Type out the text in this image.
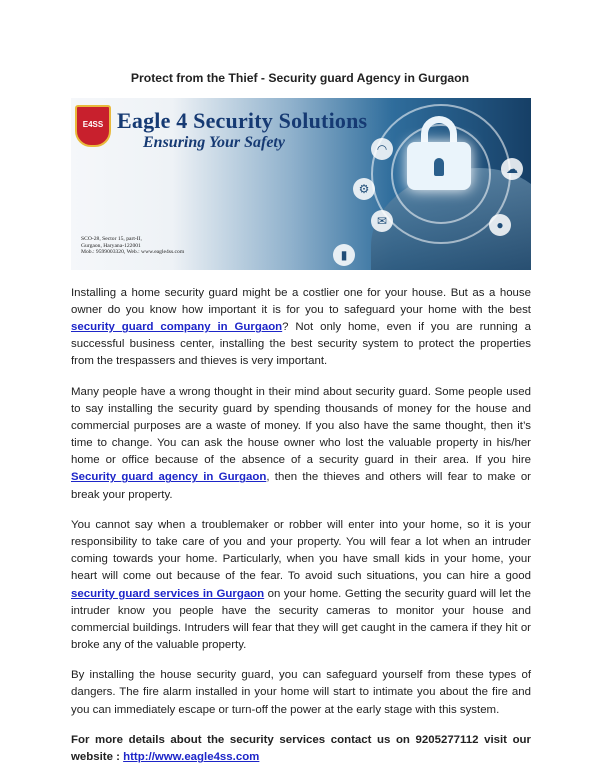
Protect from the Thief - Security guard Agency in Gurgaon
✉
⚙
◠
●
☁
▮
E4SS Eagle 4 Security Solutions
Ensuring Your Safety
SCO-28, Sector 15, part-II,
Gurgaon, Haryana-122001
Mob.: 9599003320, Web.: www.eagle4ss.com

Installing a home security guard might be a costlier one for your house. But as a house owner do you know how important it is for you to safeguard your home with the best security guard company in Gurgaon? Not only home, even if you are running a successful business center, installing the best security system to protect the properties from the trespassers and thieves is very important.

Many people have a wrong thought in their mind about security guard. Some people used to say installing the security guard by spending thousands of money for the house and commercial purposes are a waste of money. If you also have the same thought, then it’s time to change. You can ask the house owner who lost the valuable property in his/her home or office because of the absence of a security guard in their area. If you hire Security guard agency in Gurgaon, then the thieves and others will fear to make or break your property.

You cannot say when a troublemaker or robber will enter into your home, so it is your responsibility to take care of you and your property. You will fear a lot when an intruder coming towards your home. Particularly, when you have small kids in your home, your heart will come out because of the fear. To avoid such situations, you can hire a good security guard services in Gurgaon on your home. Getting the security guard will let the intruder know you people have the security cameras to monitor your house and commercial buildings. Intruders will fear that they will get caught in the camera if they hit or broke any of the valuable property.

By installing the house security guard, you can safeguard yourself from these types of dangers. The fire alarm installed in your home will start to intimate you about the fire and you can immediately escape or turn-off the power at the early stage with this system.

For more details about the security services contact us on 9205277112 visit our website : http://www.eagle4ss.com
